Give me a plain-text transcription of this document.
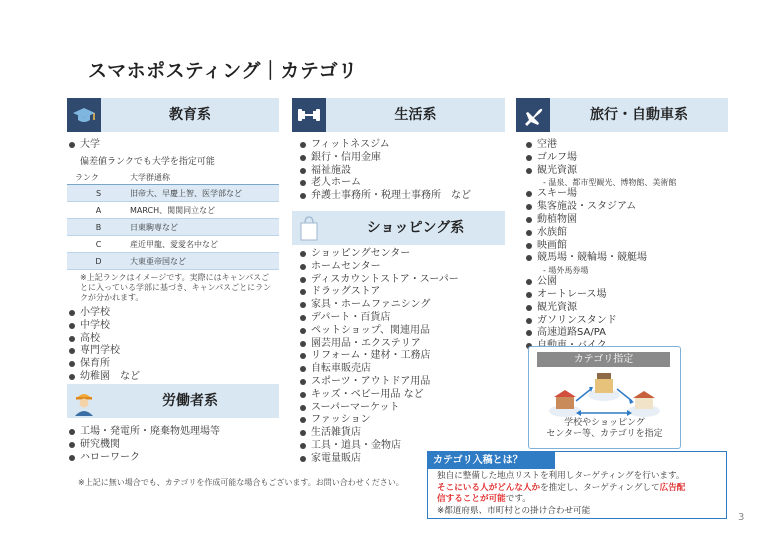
スマホポスティング｜カテゴリ
教育系
大学
偏差値ランクでも大学を指定可能
ランク	大学群通称
S	旧帝大、早慶上智、医学部など
A	MARCH、関関同立など
B	日東駒専など
C	産近甲龍、愛愛名中など
D	大東亜帝国など
※上記ランクはイメージです。実際にはキャンパスごとに入っている学部に基づき、キャンパスごとにランクが分かれます。
小学校
中学校
高校
専門学校
保育所
幼稚園　など
労働者系
工場・発電所・廃棄物処理場等
研究機関
ハローワーク
生活系
フィットネスジム
銀行・信用金庫
福祉施設
老人ホーム
弁護士事務所・税理士事務所　など
ショッピング系
ショッピングセンター
ホームセンター
ディスカウントストア・スーパー
ドラッグストア
家具・ホームファニシング
デパート・百貨店
ペットショップ、関連用品
園芸用品・エクステリア
リフォーム・建材・工務店
自転車販売店
スポーツ・アウトドア用品
キッズ・ベビー用品 など
スーパーマーケット
ファッション
生活雑貨店
工具・道具・金物店
家電量販店
旅行・自動車系
空港
ゴルフ場
観光資源
- 温泉、都市型観光、博物館、美術館
スキー場
集客施設・スタジアム
動植物園
水族館
映画館
競馬場・競輪場・競艇場
- 場外馬券場
公園
オートレース場
観光資源
ガソリンスタンド
高速道路SA/PA
カテゴリ指定
学校やショッピング
センター等、カテゴリを指定
カテゴリ入稿とは？
独自に整備した地点リストを利用しターゲティングを行います。
そこにいる人がどんな人かを推定し、ターゲティングして広告配
信することが可能です。
※都道府県、市町村との掛け合わせ可能
※上記に無い場合でも、カテゴリを作成可能な場合もございます。お問い合わせください。
3
